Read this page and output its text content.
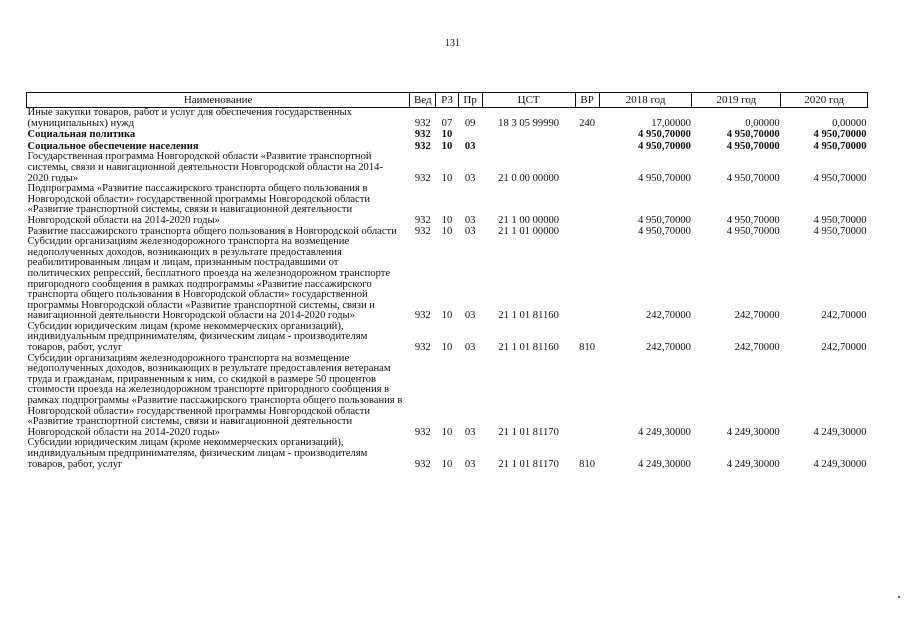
131
Наименование	Вед	РЗ	Пр	ЦСТ	ВР	2018 год	2019 год	2020 год
Иные закупки товаров, работ и услуг для обеспечения государственных (муниципальных) нужд	932	07	09	18 3 05 99990	240	17,00000	0,00000	0,00000
Социальная политика	932	10				4 950,70000	4 950,70000	4 950,70000
Социальное обеспечение населения	932	10	03			4 950,70000	4 950,70000	4 950,70000
Государственная программа Новгородской области «Развитие транспортной системы, связи и навигационной деятельности Новгородской области на 2014-2020 годы»	932	10	03	21 0 00 00000		4 950,70000	4 950,70000	4 950,70000
Подпрограмма «Развитие пассажирского транспорта общего пользования в Новгородской области» государственной программы Новгородской области «Развитие транспортной системы, связи и навигационной деятельности Новгородской области на 2014-2020 годы»	932	10	03	21 1 00 00000		4 950,70000	4 950,70000	4 950,70000
Развитие пассажирского транспорта общего пользования в Новгородской области	932	10	03	21 1 01 00000		4 950,70000	4 950,70000	4 950,70000
Субсидии организациям железнодорожного транспорта на возмещение недополученных доходов, возникающих в результате предоставления реабилитированным лицам и лицам, признанным пострадавшими от политических репрессий, бесплатного проезда на железнодорожном транспорте пригородного сообщения в рамках подпрограммы «Развитие пассажирского транспорта общего пользования в Новгородской области» государственной программы Новгородской области «Развитие транспортной системы, связи и навигационной деятельности Новгородской области на 2014-2020 годы»	932	10	03	21 1 01 81160		242,70000	242,70000	242,70000
Субсидии юридическим лицам (кроме некоммерческих организаций), индивидуальным предпринимателям, физическим лицам - производителям товаров, работ, услуг	932	10	03	21 1 01 81160	810	242,70000	242,70000	242,70000
Субсидии организациям железнодорожного транспорта на возмещение недополученных доходов, возникающих в результате предоставления ветеранам труда и гражданам, приравненным к ним, со скидкой в размере 50 процентов стоимости проезда на железнодорожном транспорте пригородного сообщения в рамках подпрограммы «Развитие пассажирского транспорта общего пользования в Новгородской области» государственной программы Новгородской области «Развитие транспортной системы, связи и навигационной деятельности Новгородской области на 2014-2020 годы»	932	10	03	21 1 01 81170		4 249,30000	4 249,30000	4 249,30000
Субсидии юридическим лицам (кроме некоммерческих организаций), индивидуальным предпринимателям, физическим лицам - производителям товаров, работ, услуг	932	10	03	21 1 01 81170	810	4 249,30000	4 249,30000	4 249,30000
